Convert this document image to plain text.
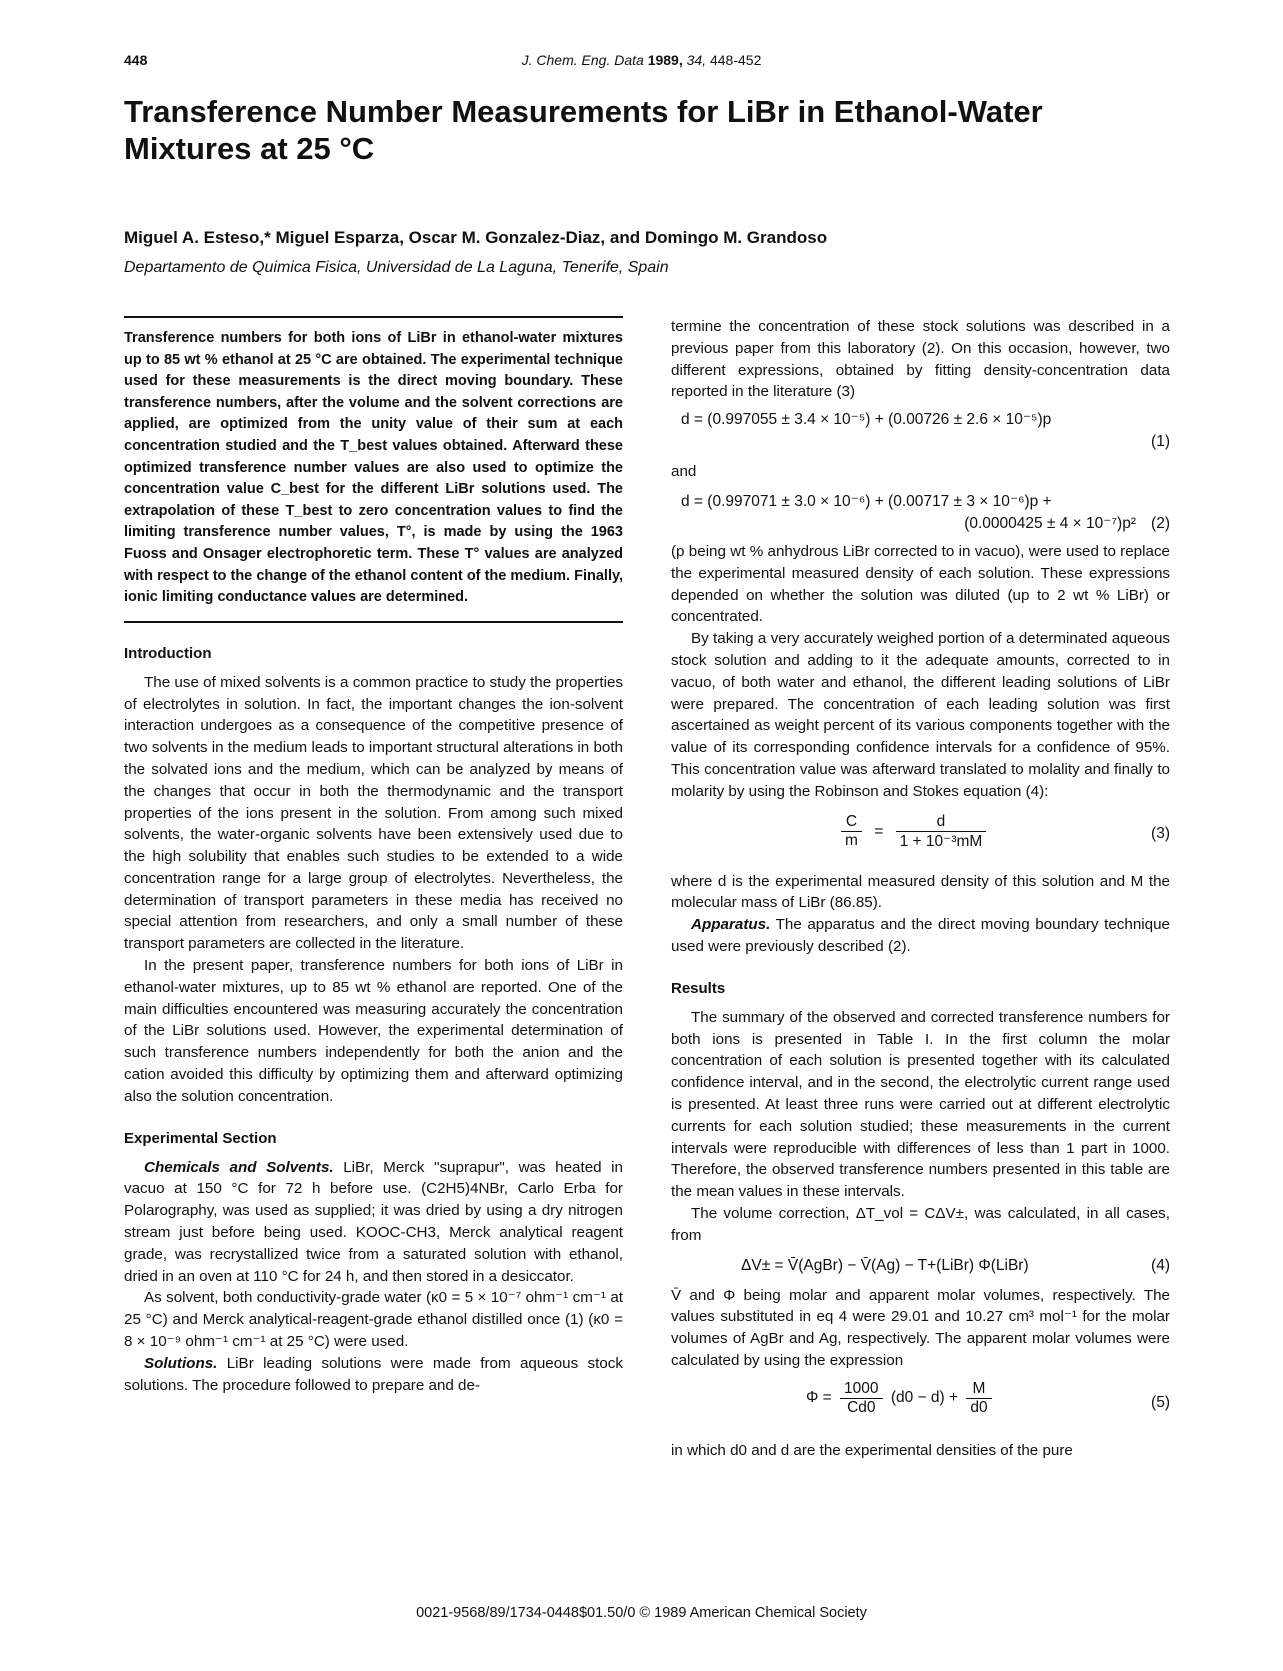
448	J. Chem. Eng. Data 1989, 34, 448-452
Transference Number Measurements for LiBr in Ethanol-Water Mixtures at 25 °C
Miguel A. Esteso,* Miguel Esparza, Oscar M. Gonzalez-Diaz, and Domingo M. Grandoso
Departamento de Quimica Fisica, Universidad de La Laguna, Tenerife, Spain
Transference numbers for both ions of LiBr in ethanol-water mixtures up to 85 wt % ethanol at 25 °C are obtained. The experimental technique used for these measurements is the direct moving boundary. These transference numbers, after the volume and the solvent corrections are applied, are optimized from the unity value of their sum at each concentration studied and the T_best values obtained. Afterward these optimized transference number values are also used to optimize the concentration value C_best for the different LiBr solutions used. The extrapolation of these T_best to zero concentration values to find the limiting transference number values, T°, is made by using the 1963 Fuoss and Onsager electrophoretic term. These T° values are analyzed with respect to the change of the ethanol content of the medium. Finally, ionic limiting conductance values are determined.
Introduction

The use of mixed solvents is a common practice to study the properties of electrolytes in solution. In fact, the important changes the ion-solvent interaction undergoes as a consequence of the competitive presence of two solvents in the medium leads to important structural alterations in both the solvated ions and the medium, which can be analyzed by means of the changes that occur in both the thermodynamic and the transport properties of the ions present in the solution. From among such mixed solvents, the water-organic solvents have been extensively used due to the high solubility that enables such studies to be extended to a wide concentration range for a large group of electrolytes. Nevertheless, the determination of transport parameters in these media has received no special attention from researchers, and only a small number of these transport parameters are collected in the literature.

In the present paper, transference numbers for both ions of LiBr in ethanol-water mixtures, up to 85 wt % ethanol are reported. One of the main difficulties encountered was measuring accurately the concentration of the LiBr solutions used. However, the experimental determination of such transference numbers independently for both the anion and the cation avoided this difficulty by optimizing them and afterward optimizing also the solution concentration.

Experimental Section

Chemicals and Solvents. LiBr, Merck "suprapur", was heated in vacuo at 150 °C for 72 h before use. (C2H5)4NBr, Carlo Erba for Polarography, was used as supplied; it was dried by using a dry nitrogen stream just before being used. KOOC-CH3, Merck analytical reagent grade, was recrystallized twice from a saturated solution with ethanol, dried in an oven at 110 °C for 24 h, and then stored in a desiccator.

As solvent, both conductivity-grade water (κ0 = 5 × 10⁻⁷ ohm⁻¹ cm⁻¹ at 25 °C) and Merck analytical-reagent-grade ethanol distilled once (1) (κ0 = 8 × 10⁻⁹ ohm⁻¹ cm⁻¹ at 25 °C) were used.

Solutions. LiBr leading solutions were made from aqueous stock solutions. The procedure followed to prepare and de-

termine the concentration of these stock solutions was described in a previous paper from this laboratory (2). On this occasion, however, two different expressions, obtained by fitting density-concentration data reported in the literature (3)

d = (0.997055 ± 3.4 × 10⁻⁵) + (0.00726 ± 2.6 × 10⁻⁵)p
(1)

and

d = (0.997071 ± 3.0 × 10⁻⁶) + (0.00717 ± 3 × 10⁻⁶)p +
(0.0000425 ± 4 × 10⁻⁷)p² (2)

(p being wt % anhydrous LiBr corrected to in vacuo), were used to replace the experimental measured density of each solution. These expressions depended on whether the solution was diluted (up to 2 wt % LiBr) or concentrated.

By taking a very accurately weighed portion of a determinated aqueous stock solution and adding to it the adequate amounts, corrected to in vacuo, of both water and ethanol, the different leading solutions of LiBr were prepared. The concentration of each leading solution was first ascertained as weight percent of its various components together with the value of its corresponding confidence intervals for a confidence of 95%. This concentration value was afterward translated to molality and finally to molarity by using the Robinson and Stokes equation (4):

$\frac{C}{m} = \frac{d}{\text{1 + 10⁻³mM}}$	(3)

where d is the experimental measured density of this solution and M the molecular mass of LiBr (86.85).

Apparatus. The apparatus and the direct moving boundary technique used were previously described (2).

Results

The summary of the observed and corrected transference numbers for both ions is presented in Table I. In the first column the molar concentration of each solution is presented together with its calculated confidence interval, and in the second, the electrolytic current range used is presented. At least three runs were carried out at different electrolytic currents for each solution studied; these measurements in the current intervals were reproducible with differences of less than 1 part in 1000. Therefore, the observed transference numbers presented in this table are the mean values in these intervals.

The volume correction, ΔT_vol = CΔV±, was calculated, in all cases, from

ΔV± = V̄(AgBr) − V̄(Ag) − T+(LiBr) Φ(LiBr)	(4)

V̄ and Φ being molar and apparent molar volumes, respectively. The values substituted in eq 4 were 29.01 and 10.27 cm³ mol⁻¹ for the molar volumes of AgBr and Ag, respectively. The apparent molar volumes were calculated by using the expression

$\Phi = \frac{1000}{Cd0} (d0 - d) + \frac{M}{d0}$	(5)

in which d0 and d are the experimental densities of the pure

0021-9568/89/1734-0448$01.50/0 © 1989 American Chemical Society
